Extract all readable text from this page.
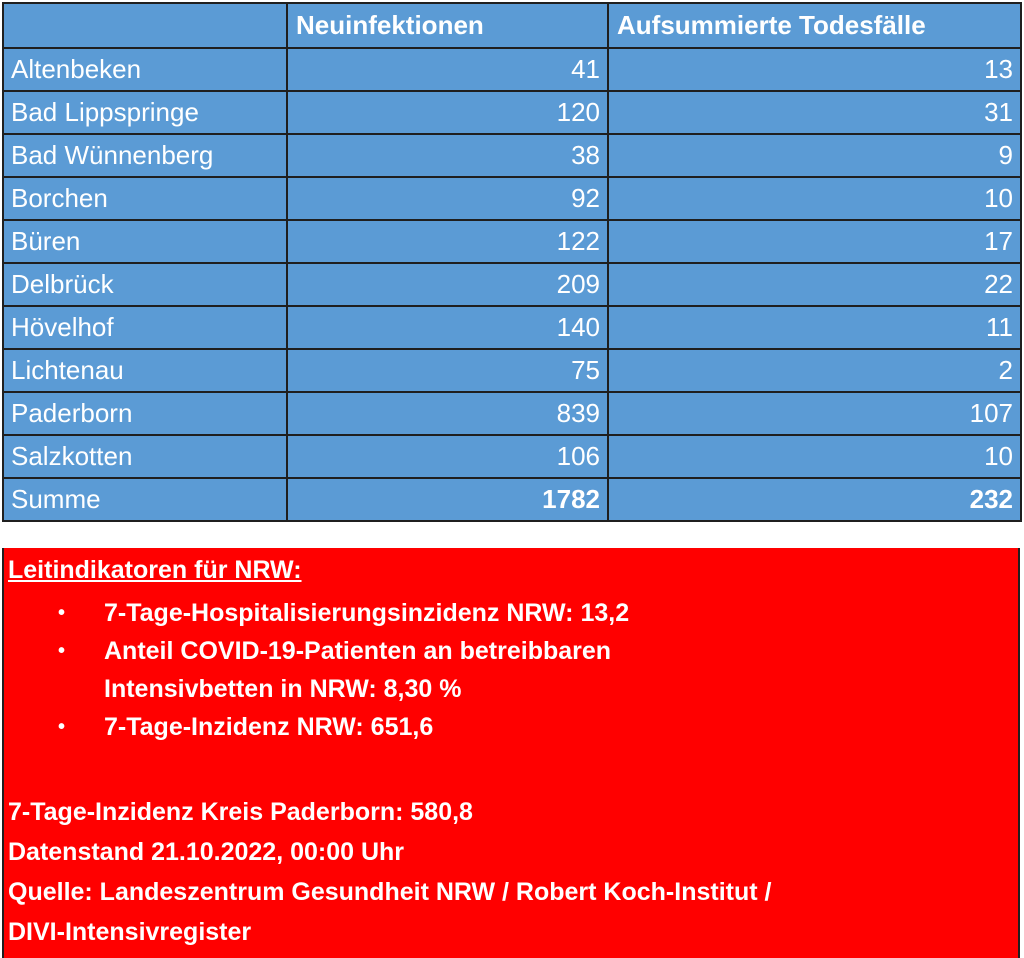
	Neuinfektionen	Aufsummierte Todesfälle
Altenbeken	41	13
Bad Lippspringe	120	31
Bad Wünnenberg	38	9
Borchen	92	10
Büren	122	17
Delbrück	209	22
Hövelhof	140	11
Lichtenau	75	2
Paderborn	839	107
Salzkotten	106	10
Summe	1782	232
Leitindikatoren für NRW:
• 7-Tage-Hospitalisierungsinzidenz NRW: 13,2
• Anteil COVID-19-Patienten an betreibbaren
Intensivbetten in NRW: 8,30 %
• 7-Tage-Inzidenz NRW: 651,6
7-Tage-Inzidenz Kreis Paderborn: 580,8
Datenstand 21.10.2022, 00:00 Uhr
Quelle: Landeszentrum Gesundheit NRW / Robert Koch-Institut /
DIVI-Intensivregister
